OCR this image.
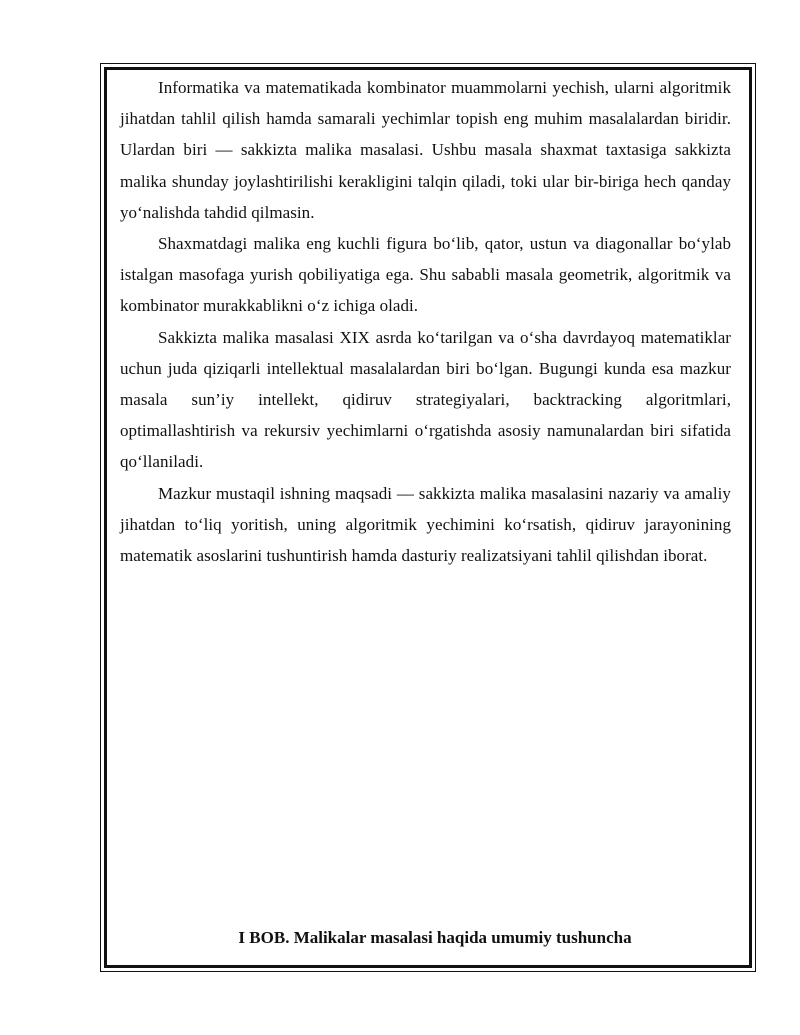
Informatika va matematikada kombinator muammolarni yechish, ularni algoritmik jihatdan tahlil qilish hamda samarali yechimlar topish eng muhim masalalardan biridir. Ulardan biri — sakkizta malika masalasi. Ushbu masala shaxmat taxtasiga sakkizta malika shunday joylashtirilishi kerakligini talqin qiladi, toki ular bir-biriga hech qanday yo‘nalishda tahdid qilmasin.

Shaxmatdagi malika eng kuchli figura bo‘lib, qator, ustun va diagonallar bo‘ylab istalgan masofaga yurish qobiliyatiga ega. Shu sababli masala geometrik, algoritmik va kombinator murakkablikni o‘z ichiga oladi.

Sakkizta malika masalasi XIX asrda ko‘tarilgan va o‘sha davrdayoq matematiklar uchun juda qiziqarli intellektual masalalardan biri bo‘lgan. Bugungi kunda esa mazkur masala sun’iy intellekt, qidiruv strategiyalari, backtracking algoritmlari, optimallashtirish va rekursiv yechimlarni o‘rgatishda asosiy namunalardan biri sifatida qo‘llaniladi.

Mazkur mustaqil ishning maqsadi — sakkizta malika masalasini nazariy va amaliy jihatdan to‘liq yoritish, uning algoritmik yechimini ko‘rsatish, qidiruv jarayonining matematik asoslarini tushuntirish hamda dasturiy realizatsiyani tahlil qilishdan iborat.

I BOB. Malikalar masalasi haqida umumiy tushuncha
